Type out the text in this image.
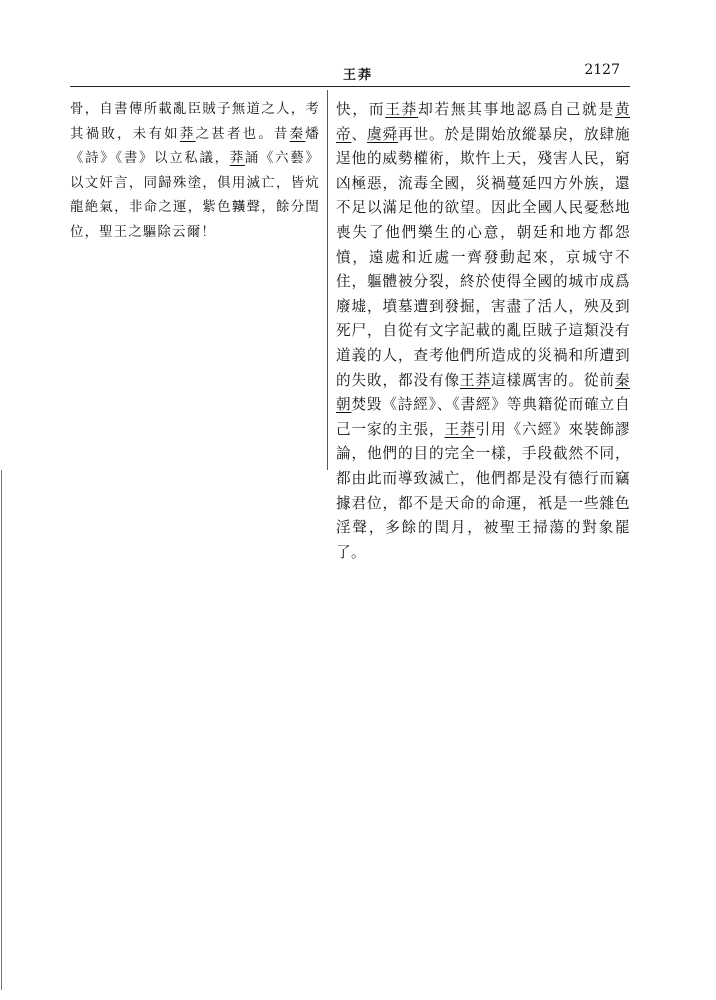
王莽	2127
骨，自書傳所載亂臣賊子無道之人，考其禍敗，未有如莽之甚者也。昔秦燔《詩》《書》以立私議，莽誦《六藝》以文奸言，同歸殊塗，俱用滅亡，皆炕龍絶氣，非命之運，紫色𪏆聲，餘分閏位，聖王之驅除云爾！
快，而王莽却若無其事地認爲自己就是黄帝、虞舜再世。於是開始放縱暴戾，放肆施逞他的威勢權術，欺忤上天，殘害人民，窮凶極惡，流毒全國，災禍蔓延四方外族，還不足以滿足他的欲望。因此全國人民憂愁地喪失了他們樂生的心意，朝廷和地方都怨憤，遠處和近處一齊發動起來，京城守不住，軀體被分裂，終於使得全國的城市成爲廢墟，墳墓遭到發掘，害盡了活人，殃及到死尸，自從有文字記載的亂臣賊子這類没有道義的人，查考他們所造成的災禍和所遭到的失敗，都没有像王莽這樣厲害的。從前秦朝焚毀《詩經》、《書經》等典籍從而確立自己一家的主張，王莽引用《六經》來裝飾謬論，他們的目的完全一樣，手段截然不同，都由此而導致滅亡，他們都是没有德行而竊據君位，都不是天命的命運，衹是一些雜色淫聲，多餘的閏月，被聖王掃蕩的對象罷了。
